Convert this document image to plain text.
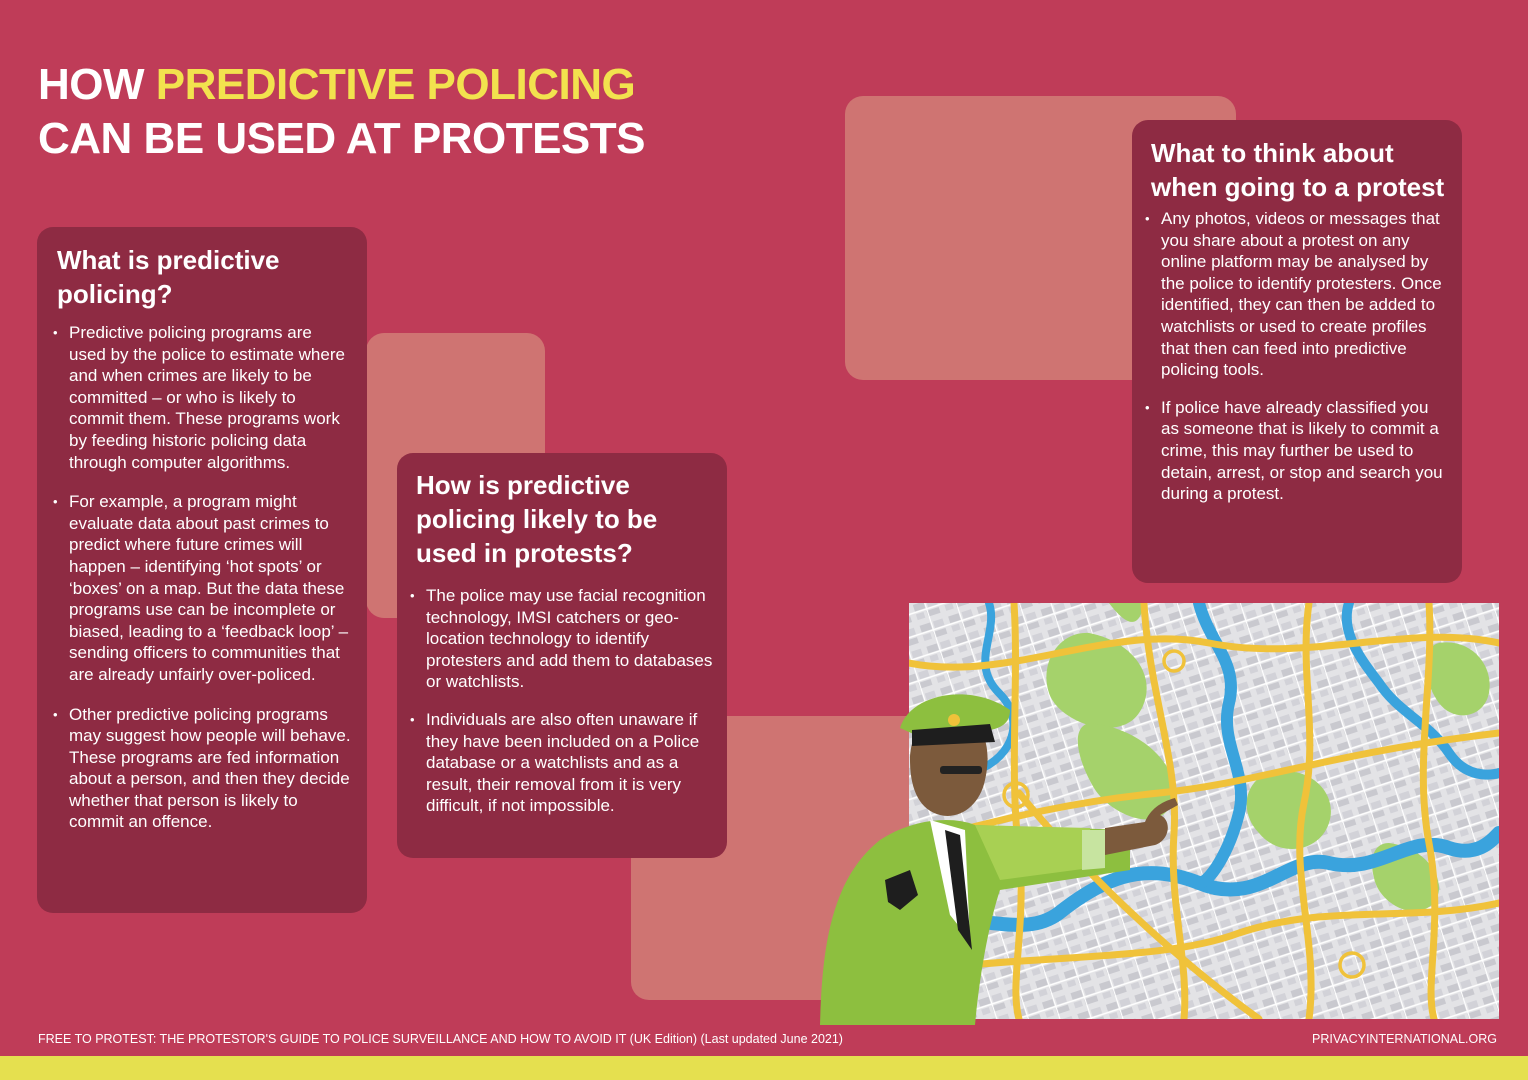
HOW PREDICTIVE POLICING
CAN BE USED AT PROTESTS
What is predictive policing?
• Predictive policing programs are used by the police to estimate where and when crimes are likely to be committed – or who is likely to commit them. These programs work by feeding historic policing data through computer algorithms.
• For example, a program might evaluate data about past crimes to predict where future crimes will happen – identifying ‘hot spots’ or ‘boxes’ on a map. But the data these programs use can be incomplete or biased, leading to a ‘feedback loop’ – sending officers to communities that are already unfairly over-policed.
• Other predictive policing programs may suggest how people will behave. These programs are fed information about a person, and then they decide whether that person is likely to commit an offence.
How is predictive policing likely to be used in protests?
• The police may use facial recognition technology, IMSI catchers or geo-location technology to identify protesters and add them to databases or watchlists.
• Individuals are also often unaware if they have been included on a Police database or a watchlists and as a result, their removal from it is very difficult, if not impossible.
What to think about when going to a protest
• Any photos, videos or messages that you share about a protest on any online platform may be analysed by the police to identify protesters. Once identified, they can then be added to watchlists or used to create profiles that then can feed into predictive policing tools.
• If police have already classified you as someone that is likely to commit a crime, this may further be used to detain, arrest, or stop and search you during a protest.
FREE TO PROTEST: THE PROTESTOR'S GUIDE TO POLICE SURVEILLANCE AND HOW TO AVOID IT (UK Edition) (Last updated June 2021)	PRIVACYINTERNATIONAL.ORG
